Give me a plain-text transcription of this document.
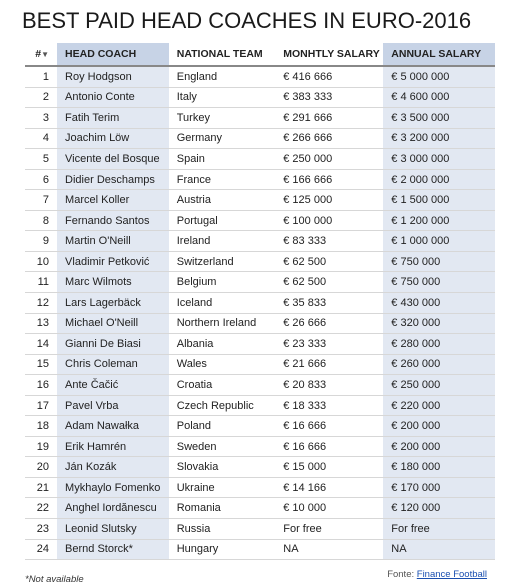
BEST PAID HEAD COACHES IN EURO-2016
#▼	HEAD COACH	NATIONAL TEAM	MONHTLY SALARY	ANNUAL SALARY
1	Roy Hodgson	England	€ 416 666	€ 5 000 000
2	Antonio Conte	Italy	€ 383 333	€ 4 600 000
3	Fatih Terim	Turkey	€ 291 666	€ 3 500 000
4	Joachim Löw	Germany	€ 266 666	€ 3 200 000
5	Vicente del Bosque	Spain	€ 250 000	€ 3 000 000
6	Didier Deschamps	France	€ 166 666	€ 2 000 000
7	Marcel Koller	Austria	€ 125 000	€ 1 500 000
8	Fernando Santos	Portugal	€ 100 000	€ 1 200 000
9	Martin O'Neill	Ireland	€ 83 333	€ 1 000 000
10	Vladimir Petković	Switzerland	€ 62 500	€ 750 000
11	Marc Wilmots	Belgium	€ 62 500	€ 750 000
12	Lars Lagerbäck	Iceland	€ 35 833	€ 430 000
13	Michael O'Neill	Northern Ireland	€ 26 666	€ 320 000
14	Gianni De Biasi	Albania	€ 23 333	€ 280 000
15	Chris Coleman	Wales	€ 21 666	€ 260 000
16	Ante Čačić	Croatia	€ 20 833	€ 250 000
17	Pavel Vrba	Czech Republic	€ 18 333	€ 220 000
18	Adam Nawałka	Poland	€ 16 666	€ 200 000
19	Erik Hamrén	Sweden	€ 16 666	€ 200 000
20	Ján Kozák	Slovakia	€ 15 000	€ 180 000
21	Mykhaylo Fomenko	Ukraine	€ 14 166	€ 170 000
22	Anghel Iordănescu	Romania	€ 10 000	€ 120 000
23	Leonid Slutsky	Russia	For free	For free
24	Bernd Storck*	Hungary	NA	NA
*Not available	Fonte: Finance Football
